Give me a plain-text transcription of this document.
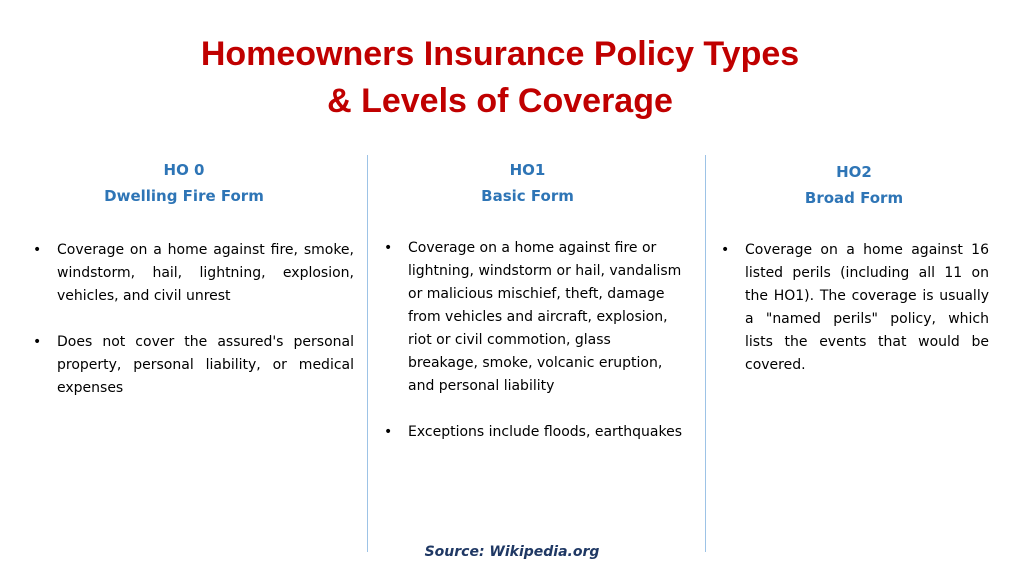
Homeowners Insurance Policy Types
& Levels of Coverage
HO 0
Dwelling Fire Form
• Coverage on a home against fire, smoke, windstorm, hail, lightning, explosion, vehicles, and civil unrest
• Does not cover the assured's personal property, personal liability, or medical expenses
HO1
Basic Form
• Coverage on a home against fire or lightning, windstorm or hail, vandalism or malicious mischief, theft, damage from vehicles and aircraft, explosion, riot or civil commotion, glass breakage, smoke, volcanic eruption, and personal liability
• Exceptions include floods, earthquakes
HO2
Broad Form
• Coverage on a home against 16 listed perils (including all 11 on the HO1). The coverage is usually a "named perils" policy, which lists the events that would be covered.
Source: Wikipedia.org
